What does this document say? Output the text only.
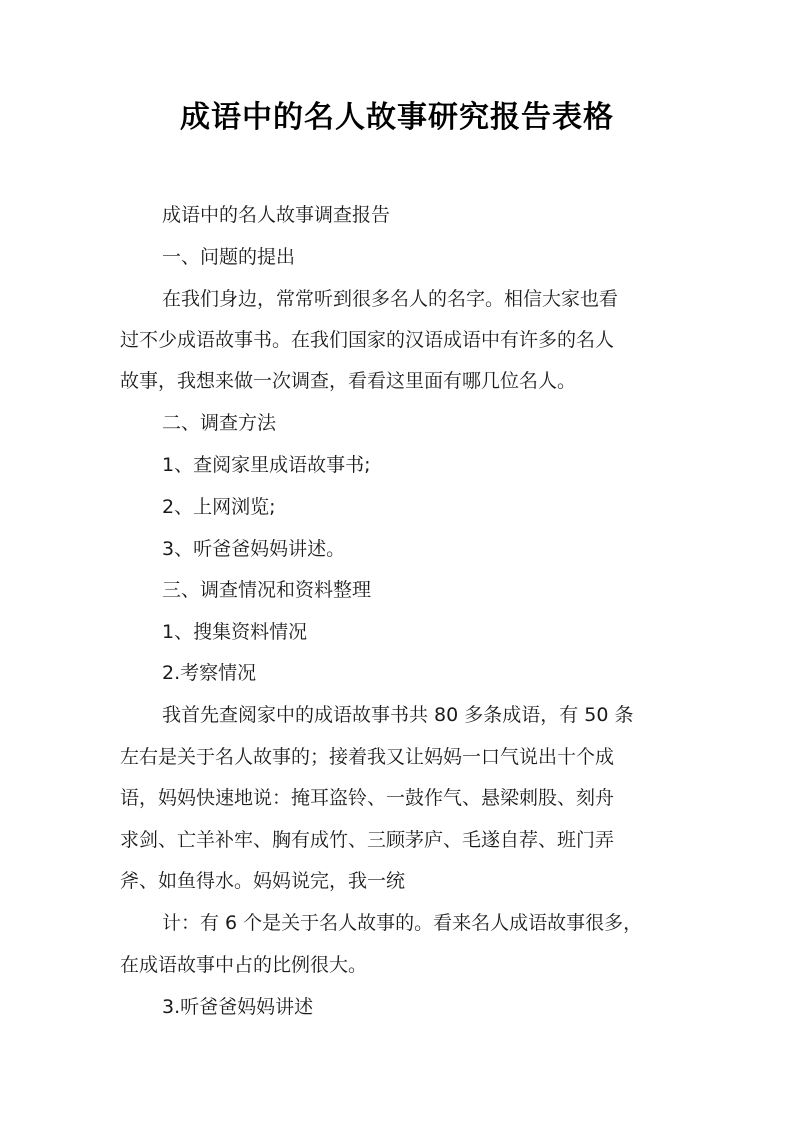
成语中的名人故事研究报告表格
成语中的名人故事调查报告
一、问题的提出
在我们身边，常常听到很多名人的名字。相信大家也看
过不少成语故事书。在我们国家的汉语成语中有许多的名人
故事，我想来做一次调查，看看这里面有哪几位名人。
二、调查方法
1、查阅家里成语故事书;
2、上网浏览;
3、听爸爸妈妈讲述。
三、调查情况和资料整理
1、搜集资料情况
2.考察情况
我首先查阅家中的成语故事书共 80 多条成语，有 50 条
左右是关于名人故事的；接着我又让妈妈一口气说出十个成
语，妈妈快速地说：掩耳盗铃、一鼓作气、悬梁刺股、刻舟
求剑、亡羊补牢、胸有成竹、三顾茅庐、毛遂自荐、班门弄
斧、如鱼得水。妈妈说完，我一统
计：有 6 个是关于名人故事的。看来名人成语故事很多，
在成语故事中占的比例很大。
3.听爸爸妈妈讲述
